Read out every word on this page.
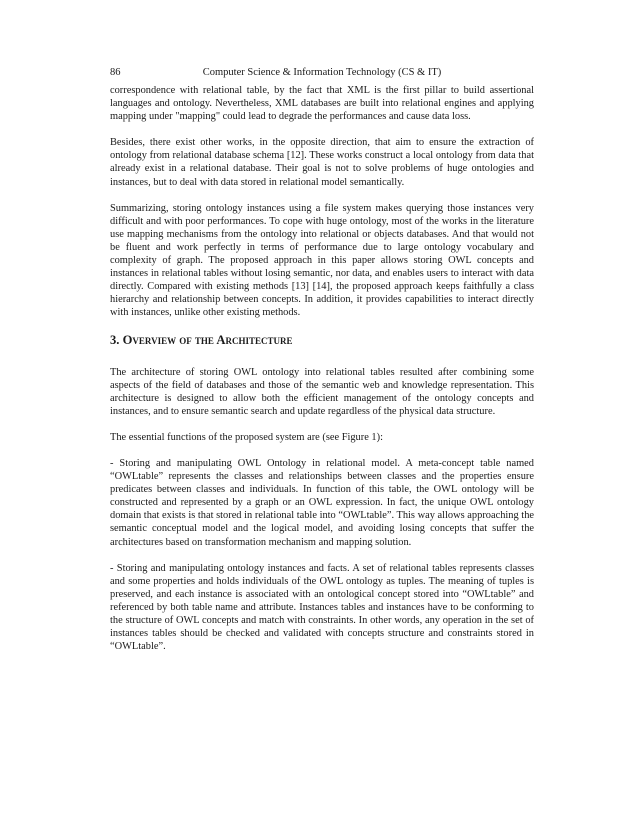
86	Computer Science & Information Technology (CS & IT)

correspondence with relational table, by the fact that XML is the first pillar to build assertional languages and ontology. Nevertheless, XML databases are built into relational engines and applying mapping under "mapping" could lead to degrade the performances and cause data loss.

Besides, there exist other works, in the opposite direction, that aim to ensure the extraction of ontology from relational database schema [12]. These works construct a local ontology from data that already exist in a relational database. Their goal is not to solve problems of huge ontologies and instances, but to deal with data stored in relational model semantically.

Summarizing, storing ontology instances using a file system makes querying those instances very difficult and with poor performances. To cope with huge ontology, most of the works in the literature use mapping mechanisms from the ontology into relational or objects databases. And that would not be fluent and work perfectly in terms of performance due to large ontology vocabulary and complexity of graph. The proposed approach in this paper allows storing OWL concepts and instances in relational tables without losing semantic, nor data, and enables users to interact with data directly. Compared with existing methods [13] [14], the proposed approach keeps faithfully a class hierarchy and relationship between concepts. In addition, it provides capabilities to interact directly with instances, unlike other existing methods.

3. Overview of the Architecture

The architecture of storing OWL ontology into relational tables resulted after combining some aspects of the field of databases and those of the semantic web and knowledge representation. This architecture is designed to allow both the efficient management of the ontology concepts and instances, and to ensure semantic search and update regardless of the physical data structure.

The essential functions of the proposed system are (see Figure 1):

- Storing and manipulating OWL Ontology in relational model. A meta-concept table named “OWLtable” represents the classes and relationships between classes and the properties ensure predicates between classes and individuals. In function of this table, the OWL ontology will be constructed and represented by a graph or an OWL expression. In fact, the unique OWL ontology domain that exists is that stored in relational table into “OWLtable”. This way allows approaching the semantic conceptual model and the logical model, and avoiding losing concepts that suffer the architectures based on transformation mechanism and mapping solution.

- Storing and manipulating ontology instances and facts. A set of relational tables represents classes and some properties and holds individuals of the OWL ontology as tuples. The meaning of tuples is preserved, and each instance is associated with an ontological concept stored into “OWLtable” and referenced by both table name and attribute. Instances tables and instances have to be conforming to the structure of OWL concepts and match with constraints. In other words, any operation in the set of instances tables should be checked and validated with concepts structure and constraints stored in “OWLtable”.
